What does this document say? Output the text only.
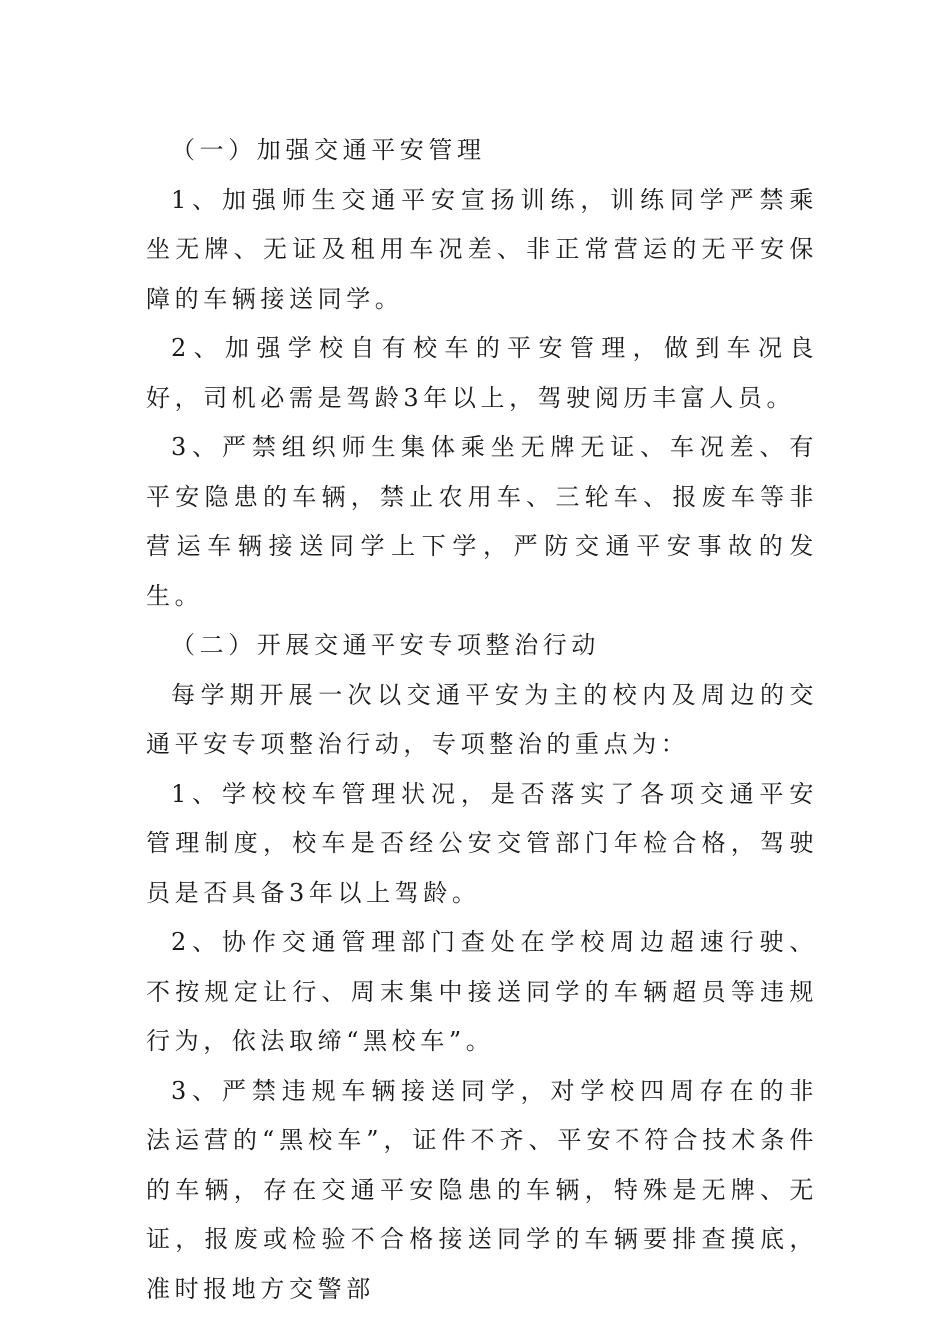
（一）加强交通平安管理

1、加强师生交通平安宣扬训练，训练同学严禁乘坐无牌、无证及租用车况差、非正常营运的无平安保障的车辆接送同学。

2、加强学校自有校车的平安管理，做到车况良好，司机必需是驾龄3年以上，驾驶阅历丰富人员。

3、严禁组织师生集体乘坐无牌无证、车况差、有平安隐患的车辆，禁止农用车、三轮车、报废车等非营运车辆接送同学上下学，严防交通平安事故的发生。

（二）开展交通平安专项整治行动

每学期开展一次以交通平安为主的校内及周边的交通平安专项整治行动，专项整治的重点为：

1、学校校车管理状况，是否落实了各项交通平安管理制度，校车是否经公安交管部门年检合格，驾驶员是否具备3年以上驾龄。

2、协作交通管理部门查处在学校周边超速行驶、不按规定让行、周末集中接送同学的车辆超员等违规行为，依法取缔“黑校车”。

3、严禁违规车辆接送同学，对学校四周存在的非法运营的“黑校车”，证件不齐、平安不符合技术条件的车辆，存在交通平安隐患的车辆，特殊是无牌、无证，报废或检验不合格接送同学的车辆要排查摸底，准时报地方交警部
